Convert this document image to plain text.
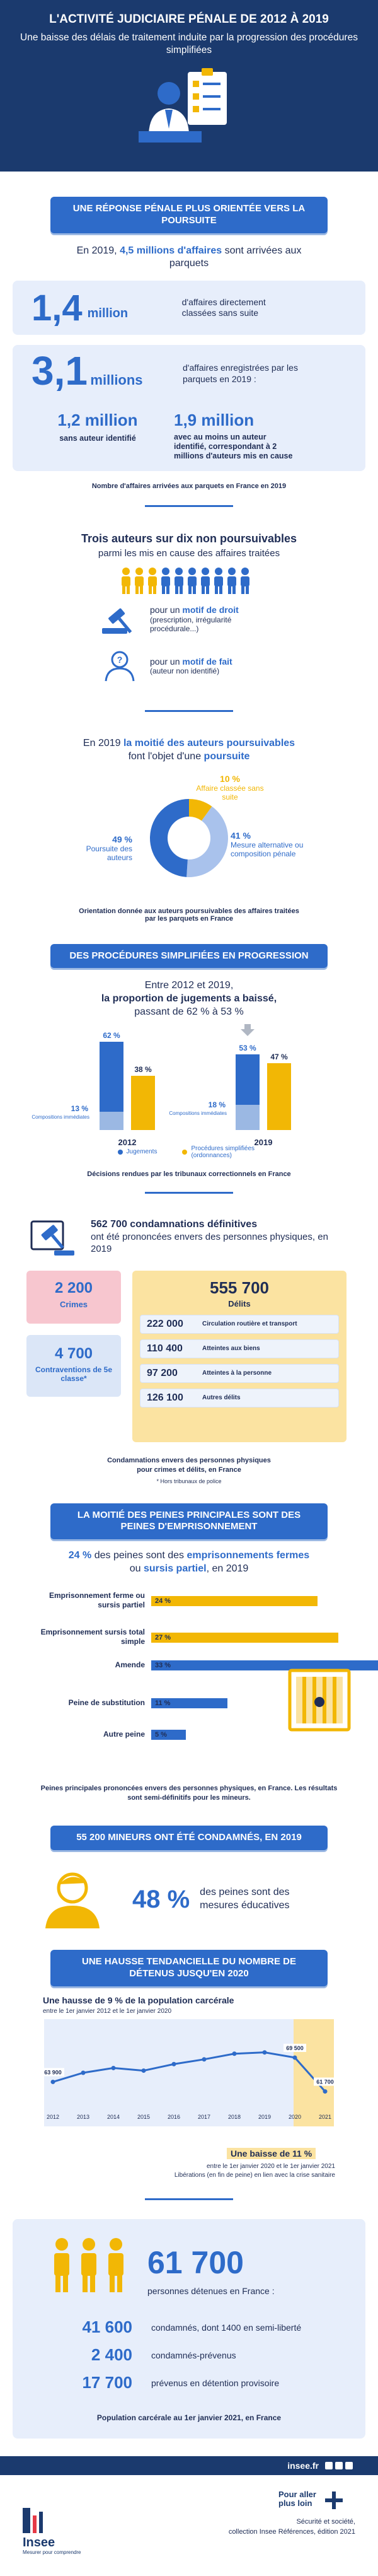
L'ACTIVITÉ JUDICIAIRE PÉNALE DE 2012 À 2019
Une baisse des délais de traitement induite par la progression des procédures simplifiées
UNE RÉPONSE PÉNALE PLUS ORIENTÉE VERS LA POURSUITE
En 2019, 4,5 millions d'affaires sont arrivées aux parquets
1,4 million
d'affaires directement classées sans suite
3,1 millions
d'affaires enregistrées par les parquets en 2019 :
1,2 million
sans auteur identifié
1,9 million
avec au moins un auteur identifié, correspondant à 2 millions d'auteurs mis en cause
Nombre d'affaires arrivées aux parquets en France en 2019
Trois auteurs sur dix non poursuivables
parmi les mis en cause des affaires traitées
pour un motif de droit
(prescription, irrégularité procédurale...)
?	pour un motif de fait
(auteur non identifié)
En 2019 la moitié des auteurs poursuivables
font l'objet d'une poursuite
10 %
Affaire classée sans suite
49 %
Poursuite des auteurs
41 %
Mesure alternative ou composition pénale
Orientation donnée aux auteurs poursuivables des affaires traitées par les parquets en France
DES PROCÉDURES SIMPLIFIÉES EN PROGRESSION
Entre 2012 et 2019,
la proportion de jugements a baissé,
passant de 62 % à 53 %
62 %
38 %
13 %
Compositions immédiates
2012
53 %
47 %
18 %
Compositions immédiates
2019
Jugements	Procédures simplifiées (ordonnances)
Décisions rendues par les tribunaux correctionnels en France
562 700 condamnations définitives
ont été prononcées envers des personnes physiques, en 2019
2 200
Crimes
4 700
Contraventions de 5e classe*
555 700
Délits
222 000	Circulation routière et transport
110 400	Atteintes aux biens
97 200	Atteintes à la personne
126 100	Autres délits
Condamnations envers des personnes physiques pour crimes et délits, en France
* Hors tribunaux de police
LA MOITIÉ DES PEINES PRINCIPALES SONT DES PEINES D'EMPRISONNEMENT
24 % des peines sont des emprisonnements fermes
ou sursis partiel, en 2019
Emprisonnement ferme ou sursis partiel	24 %
Emprisonnement sursis total simple	27 %
Amende	33 %
Peine de substitution	11 %
Autre peine	5 %
Peines principales prononcées envers des personnes physiques, en France. Les résultats sont semi-définitifs pour les mineurs.
55 200 MINEURS ONT ÉTÉ CONDAMNÉS, EN 2019
48 % des peines sont des mesures éducatives
UNE HAUSSE TENDANCIELLE DU NOMBRE DE DÉTENUS JUSQU'EN 2020
Une hausse de 9 % de la population carcérale
entre le 1er janvier 2012 et le 1er janvier 2020
2012	2013	2014	2015	2016	2017	2018	2019	2020	2021
63 900
69 500
61 700
Une baisse de 11 %
entre le 1er janvier 2020 et le 1er janvier 2021
Libérations (en fin de peine) en lien avec la crise sanitaire
61 700
personnes détenues en France :
41 600	condamnés, dont 1400 en semi-liberté
2 400	condamnés-prévenus
17 700	prévenus en détention provisoire
Population carcérale au 1er janvier 2021, en France
insee.fr
Insee
Mesurer pour comprendre
Pour aller plus loin
Sécurité et société,
collection Insee Références, édition 2021
